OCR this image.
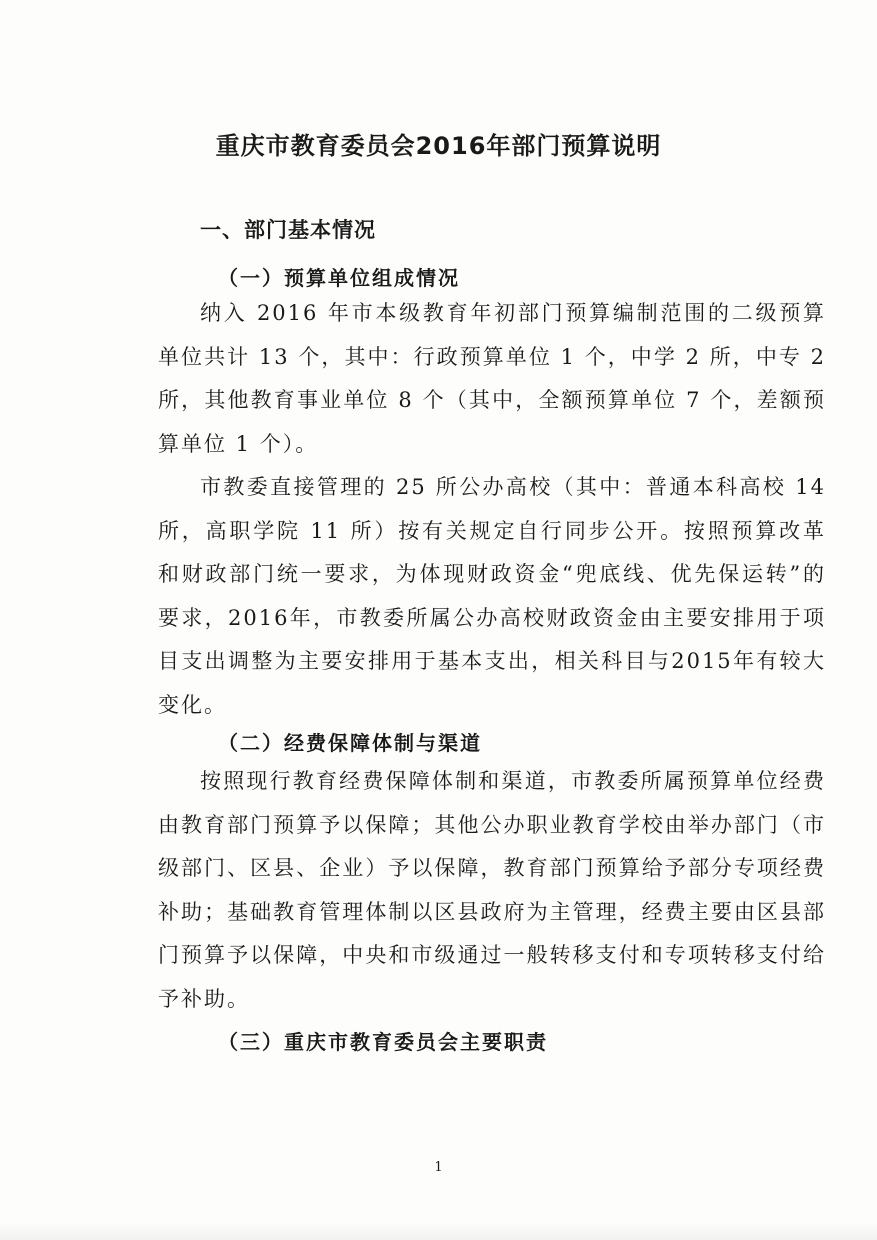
重庆市教育委员会2016年部门预算说明
一、部门基本情况
（一）预算单位组成情况

纳入 2016 年市本级教育年初部门预算编制范围的二级预算单位共计 13 个，其中：行政预算单位 1 个，中学 2 所，中专 2 所，其他教育事业单位 8 个（其中，全额预算单位 7 个，差额预算单位 1 个）。

市教委直接管理的 25 所公办高校（其中：普通本科高校 14 所，高职学院 11 所）按有关规定自行同步公开。按照预算改革和财政部门统一要求，为体现财政资金“兜底线、优先保运转”的要求，2016年，市教委所属公办高校财政资金由主要安排用于项目支出调整为主要安排用于基本支出，相关科目与2015年有较大变化。

（二）经费保障体制与渠道

按照现行教育经费保障体制和渠道，市教委所属预算单位经费由教育部门预算予以保障；其他公办职业教育学校由举办部门（市级部门、区县、企业）予以保障，教育部门预算给予部分专项经费补助；基础教育管理体制以区县政府为主管理，经费主要由区县部门预算予以保障，中央和市级通过一般转移支付和专项转移支付给予补助。

（三）重庆市教育委员会主要职责
1
